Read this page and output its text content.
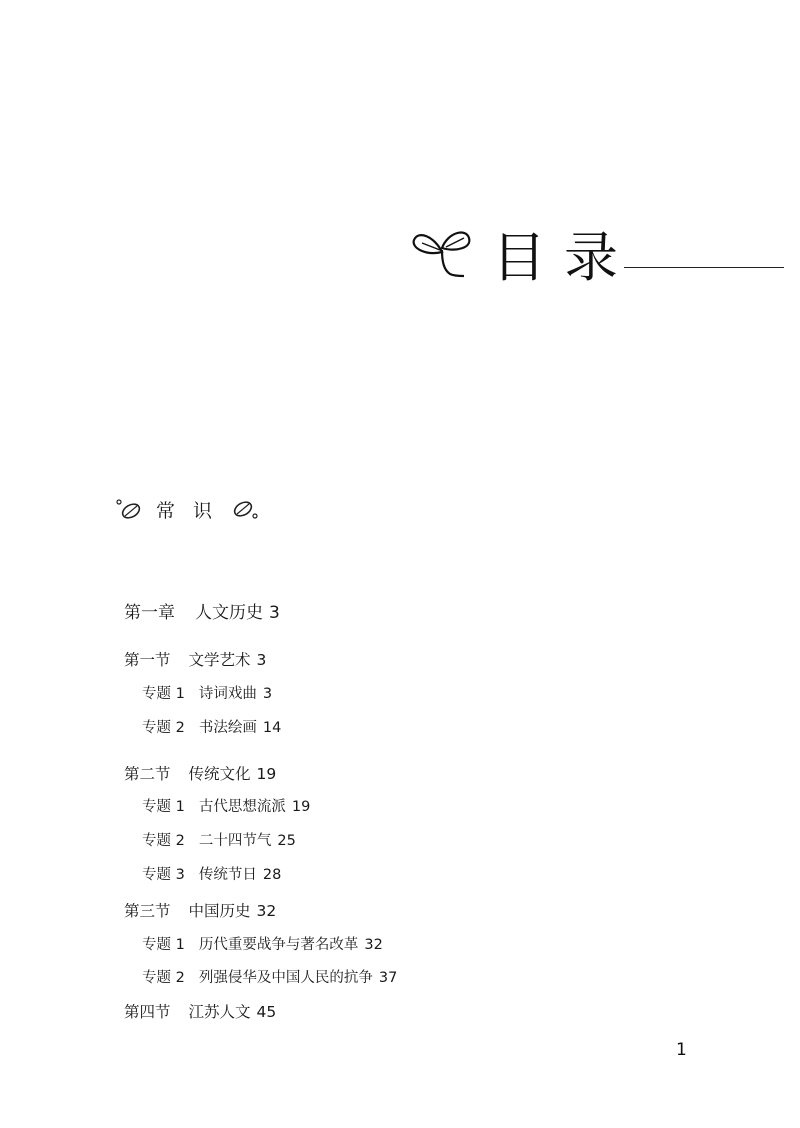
目录
常识
第一章 人文历史 3
第一节 文学艺术 3
专题 1 诗词戏曲 3
专题 2 书法绘画 14
第二节 传统文化 19
专题 1 古代思想流派 19
专题 2 二十四节气 25
专题 3 传统节日 28
第三节 中国历史 32
专题 1 历代重要战争与著名改革 32
专题 2 列强侵华及中国人民的抗争 37
第四节 江苏人文 45
1
